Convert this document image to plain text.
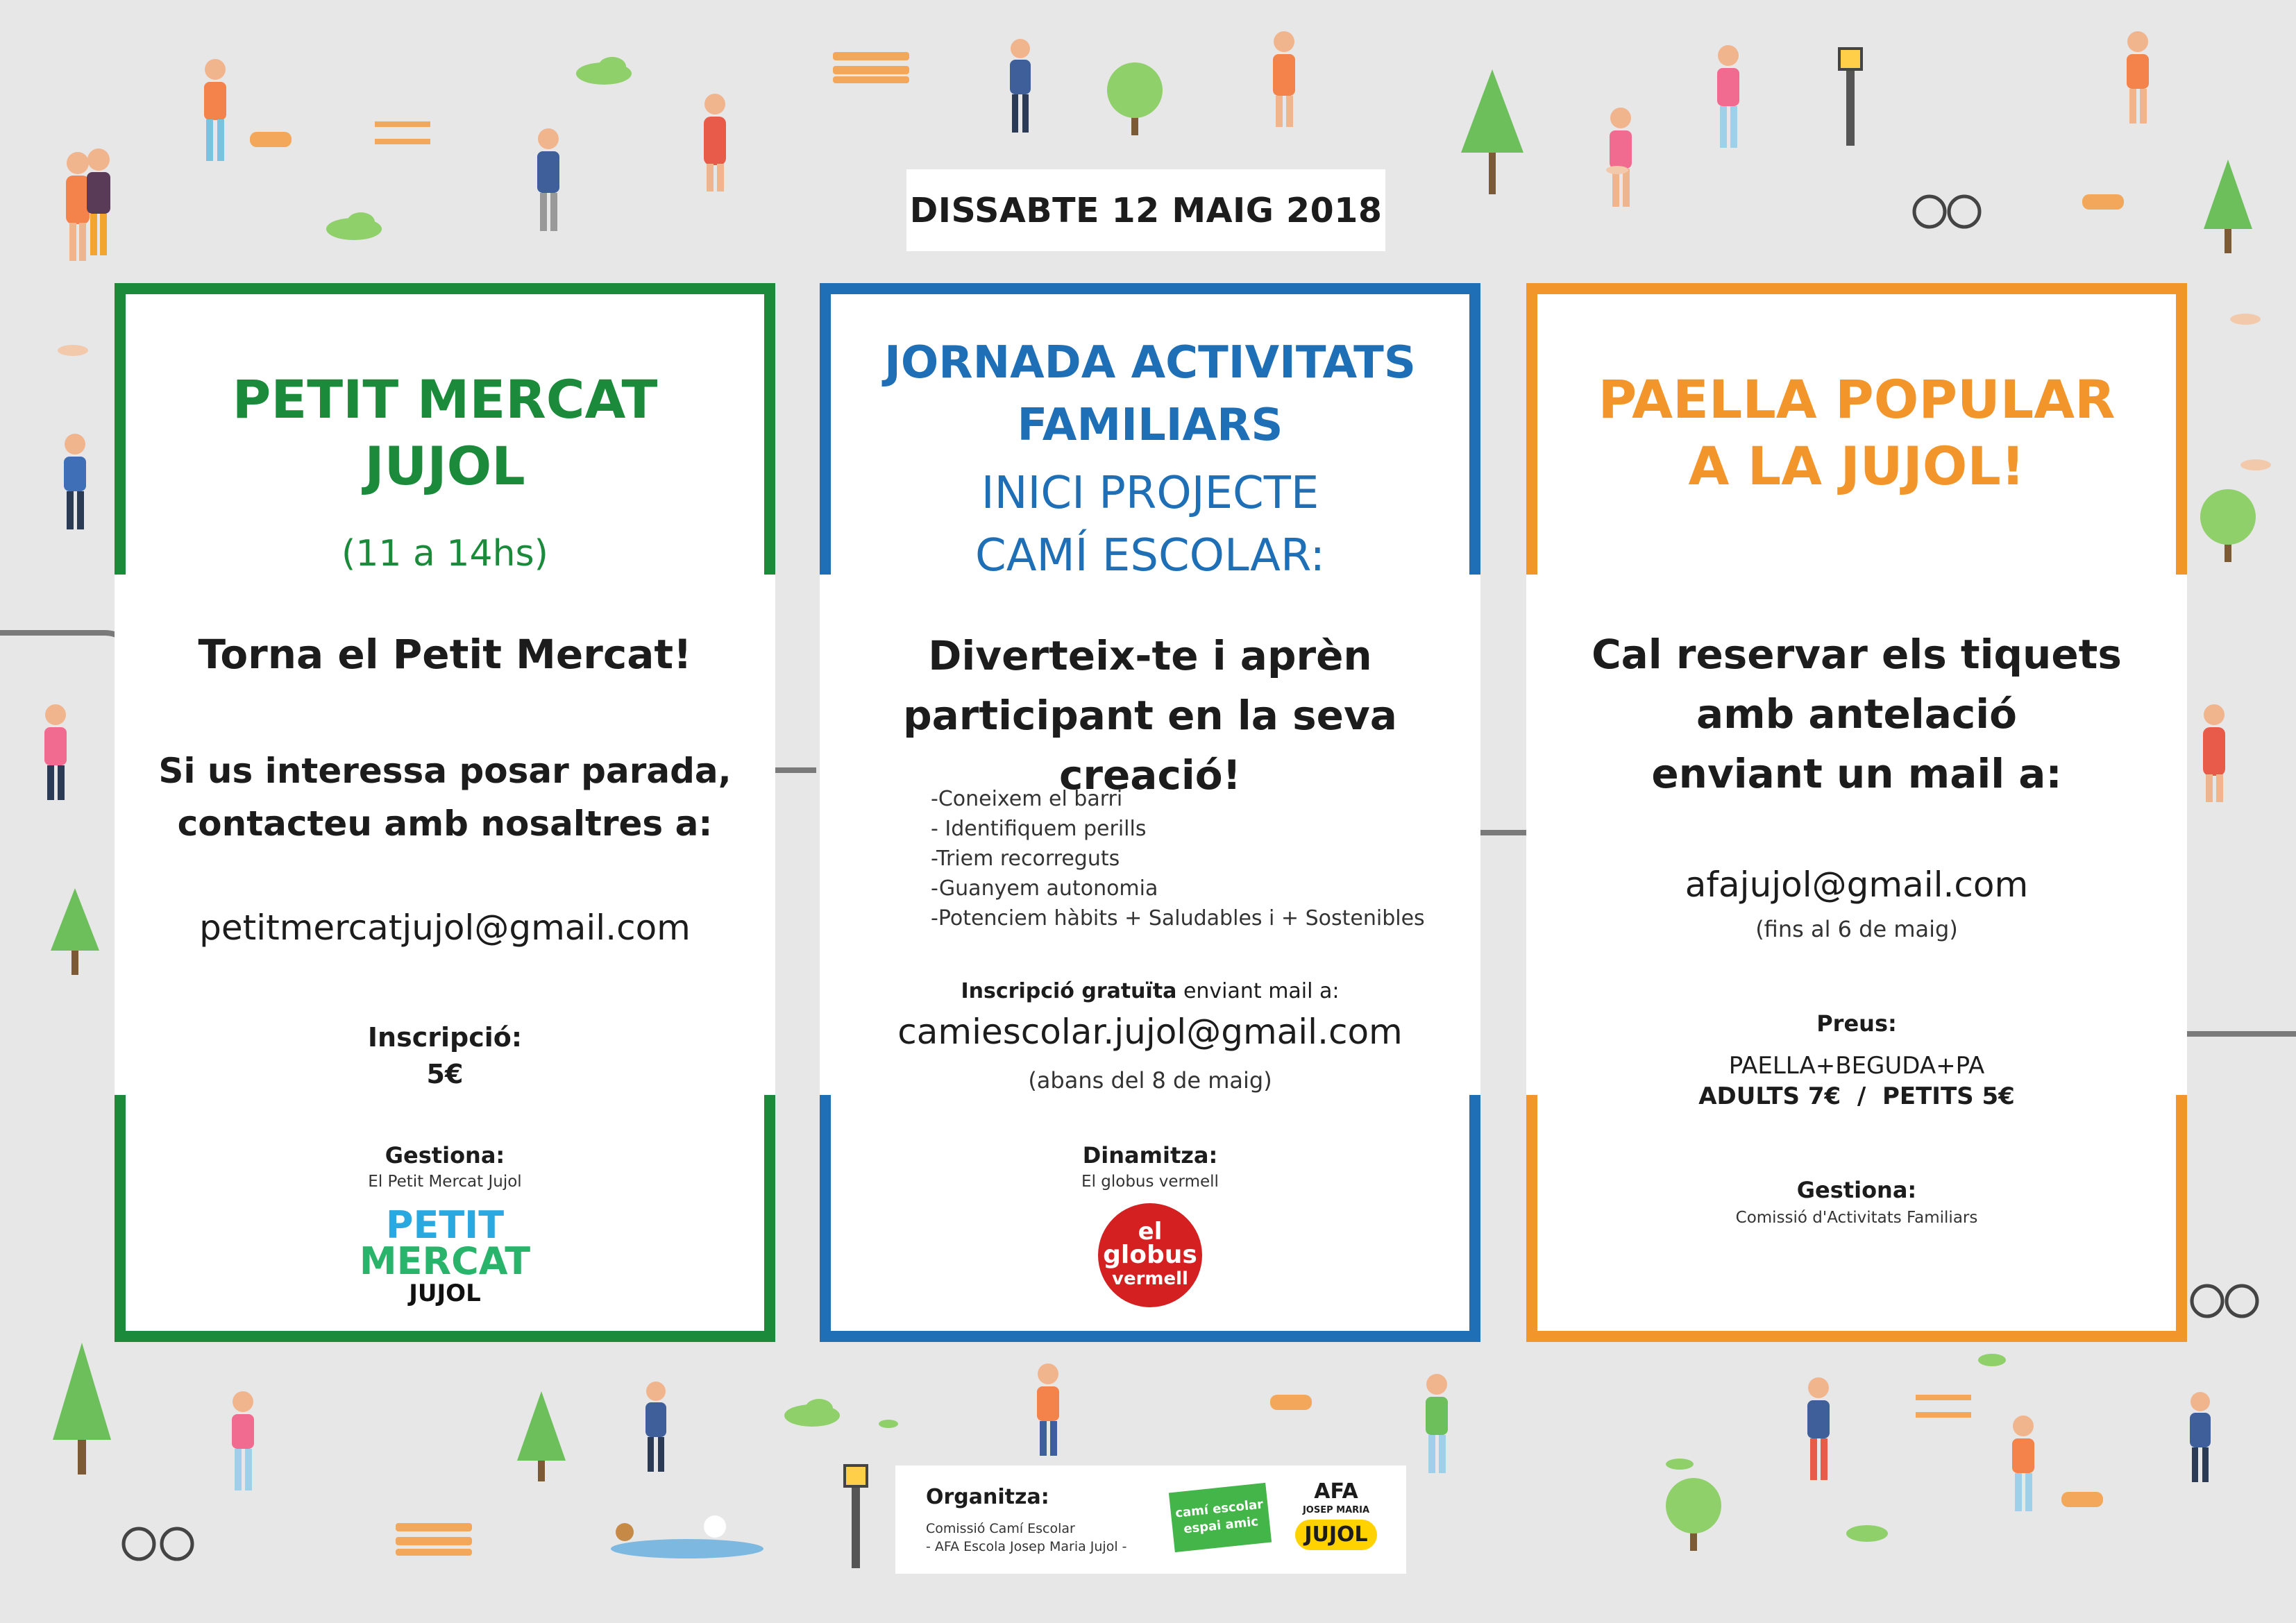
DISSABTE 12 MAIG 2018
PETIT MERCAT
JUJOL
(11 a 14hs)
Torna el Petit Mercat!
Si us interessa posar parada,
contacteu amb nosaltres a:
petitmercatjujol@gmail.com
Inscripció:
5€
Gestiona:
El Petit Mercat Jujol
PETIT
MERCAT
JUJOL
JORNADA ACTIVITATS
FAMILIARS
INICI PROJECTE
CAMÍ ESCOLAR:
Diverteix-te i aprèn
participant en la seva creació!
-Coneixem el barri
- Identifiquem perills
-Triem recorreguts
-Guanyem autonomia
-Potenciem hàbits + Saludables i + Sostenibles
Inscripció gratuïta enviant mail a:
camiescolar.jujol@gmail.com
(abans del 8 de maig)
Dinamitza:
El globus vermell
el
globus
vermell
PAELLA POPULAR
A LA JUJOL!
Cal reservar els tiquets
amb antelació
enviant un mail a:
afajujol@gmail.com
(fins al 6 de maig)
Preus:
PAELLA+BEGUDA+PA
ADULTS 7€  /  PETITS 5€
Gestiona:
Comissió d'Activitats Familiars
Organitza:
Comissió Camí Escolar
- AFA Escola Josep Maria Jujol -
camí escolar
espai amic
AFA
JOSEP MARIA
JUJOL
